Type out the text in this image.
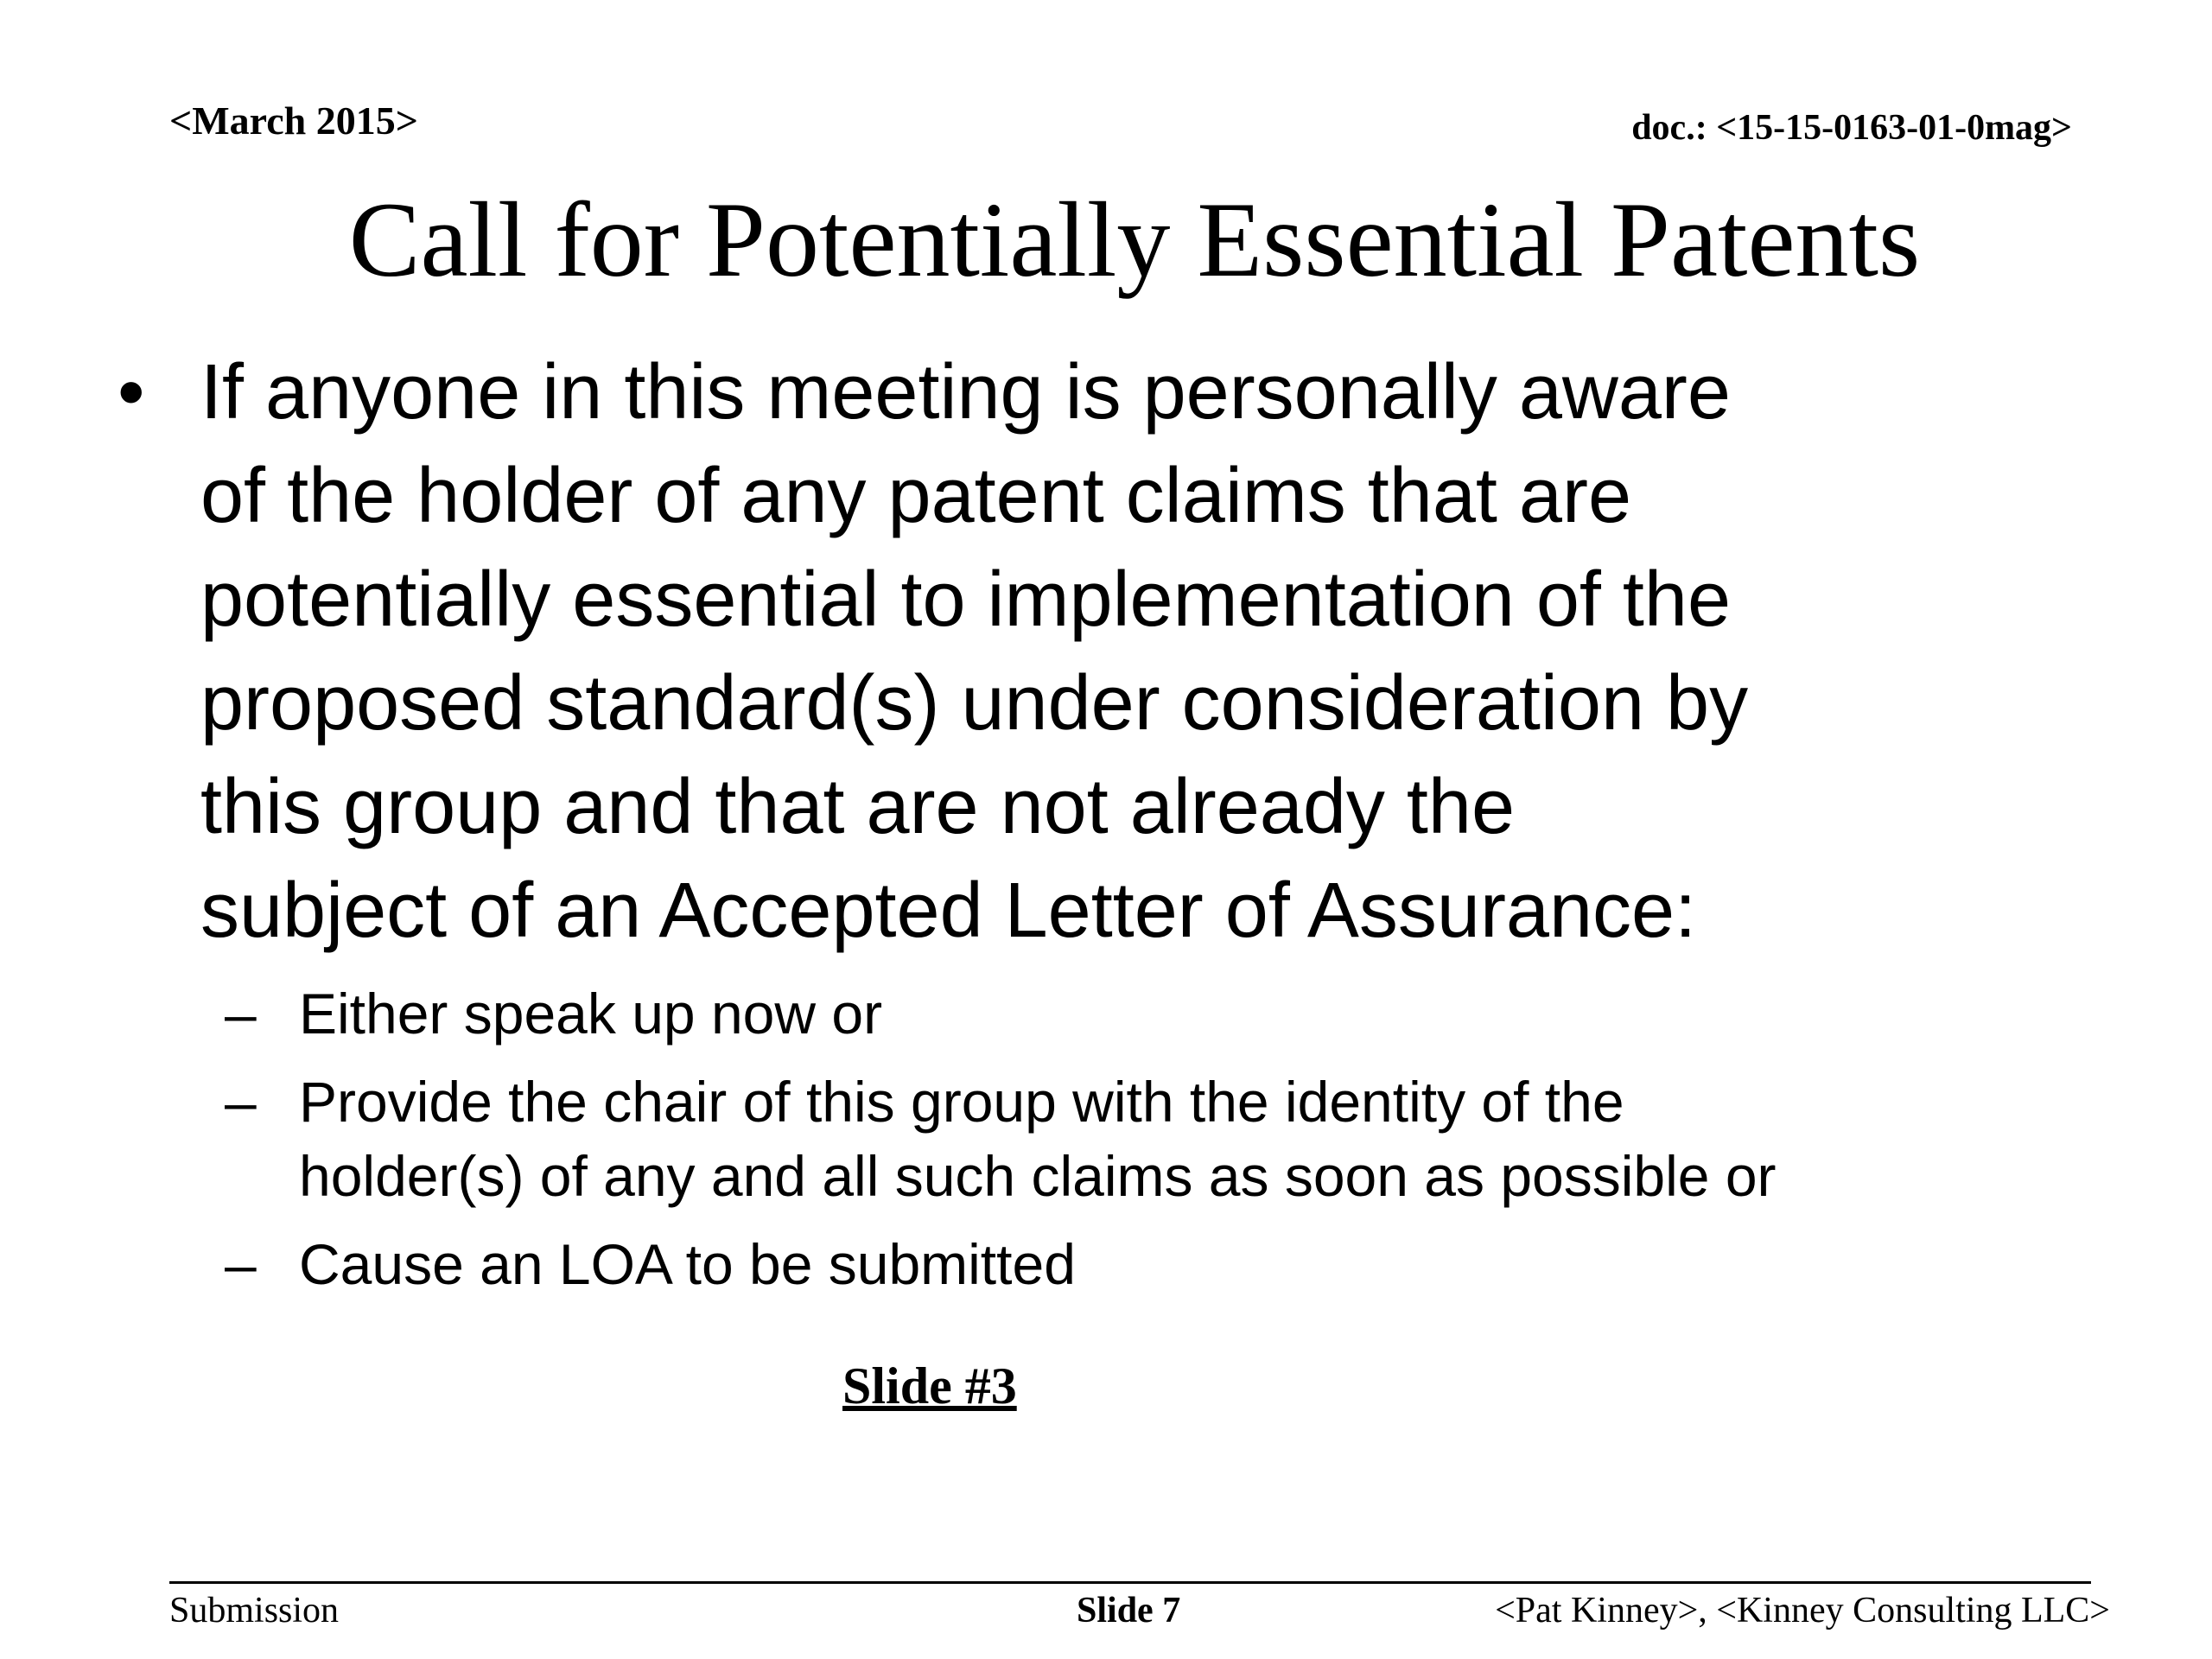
<March 2015>	doc.: <15-15-0163-01-0mag>
Call for Potentially Essential Patents
• If anyone in this meeting is personally aware
of the holder of any patent claims that are
potentially essential to implementation of the
proposed standard(s) under consideration by
this group and that are not already the
subject of an Accepted Letter of Assurance:
– Either speak up now or
– Provide the chair of this group with the identity of the
holder(s) of any and all such claims as soon as possible or
– Cause an LOA to be submitted
Slide #3
Submission	Slide 7	<Pat Kinney>, <Kinney Consulting LLC>
